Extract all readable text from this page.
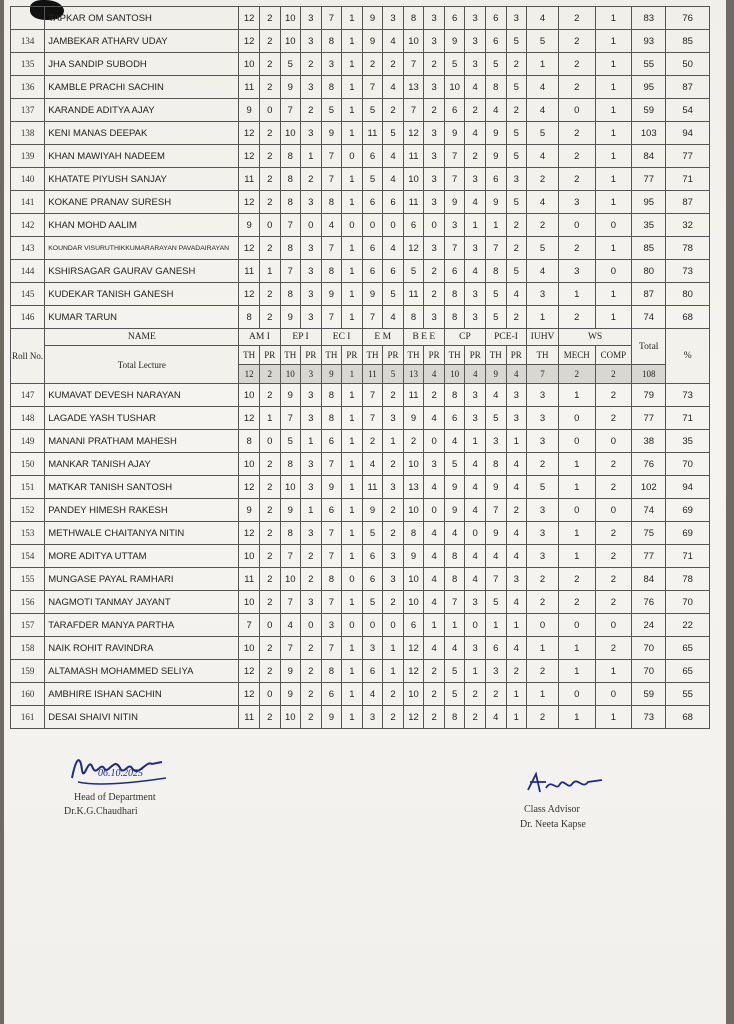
	TAPKAR OM SANTOSH	12	2	10	3	7	1	9	3	8	3	6	3	6	3	4	2	1	83	76
134	JAMBEKAR ATHARV UDAY	12	2	10	3	8	1	9	4	10	3	9	3	6	5	5	2	1	93	85
135	JHA SANDIP SUBODH	10	2	5	2	3	1	2	2	7	2	5	3	5	2	1	2	1	55	50
136	KAMBLE PRACHI SACHIN	11	2	9	3	8	1	7	4	13	3	10	4	8	5	4	2	1	95	87
137	KARANDE ADITYA AJAY	9	0	7	2	5	1	5	2	7	2	6	2	4	2	4	0	1	59	54
138	KENI MANAS DEEPAK	12	2	10	3	9	1	11	5	12	3	9	4	9	5	5	2	1	103	94
139	KHAN MAWIYAH NADEEM	12	2	8	1	7	0	6	4	11	3	7	2	9	5	4	2	1	84	77
140	KHATATE PIYUSH SANJAY	11	2	8	2	7	1	5	4	10	3	7	3	6	3	2	2	1	77	71
141	KOKANE PRANAV SURESH	12	2	8	3	8	1	6	6	11	3	9	4	9	5	4	3	1	95	87
142	KHAN MOHD AALIM	9	0	7	0	4	0	0	0	6	0	3	1	1	2	2	0	0	35	32
143	KOUNDAR VISURUTHIKKUMARARAYAN PAVADAIRAYAN	12	2	8	3	7	1	6	4	12	3	7	3	7	2	5	2	1	85	78
144	KSHIRSAGAR GAURAV GANESH	11	1	7	3	8	1	6	6	5	2	6	4	8	5	4	3	0	80	73
145	KUDEKAR TANISH GANESH	12	2	8	3	9	1	9	5	11	2	8	3	5	4	3	1	1	87	80
146	KUMAR TARUN	8	2	9	3	7	1	7	4	8	3	8	3	5	2	1	2	1	74	68
Roll No.	NAME	AM I		EP I		EC I		E M		B E E		CP		PCE-I		IUHV	WS		Total	%
	Total Lecture	TH	PR	TH	PR	TH	PR	TH	PR	TH	PR	TH	PR	TH	PR	TH	MECH	COMP		
		12	2	10	3	9	1	11	5	13	4	10	4	9	4	7	2	2	108	
147	KUMAVAT DEVESH NARAYAN	10	2	9	3	8	1	7	2	11	2	8	3	4	3	3	1	2	79	73
148	LAGADE YASH TUSHAR	12	1	7	3	8	1	7	3	9	4	6	3	5	3	3	0	2	77	71
149	MANANI PRATHAM MAHESH	8	0	5	1	6	1	2	1	2	0	4	1	3	1	3	0	0	38	35
150	MANKAR TANISH AJAY	10	2	8	3	7	1	4	2	10	3	5	4	8	4	2	1	2	76	70
151	MATKAR TANISH SANTOSH	12	2	10	3	9	1	11	3	13	4	9	4	9	4	5	1	2	102	94
152	PANDEY HIMESH RAKESH	9	2	9	1	6	1	9	2	10	0	9	4	7	2	3	0	0	74	69
153	METHWALE CHAITANYA NITIN	12	2	8	3	7	1	5	2	8	4	4	0	9	4	3	1	2	75	69
154	MORE ADITYA UTTAM	10	2	7	2	7	1	6	3	9	4	8	4	4	4	3	1	2	77	71
155	MUNGASE PAYAL RAMHARI	11	2	10	2	8	0	6	3	10	4	8	4	7	3	2	2	2	84	78
156	NAGMOTI TANMAY JAYANT	10	2	7	3	7	1	5	2	10	4	7	3	5	4	2	2	2	76	70
157	TARAFDER MANYA PARTHA	7	0	4	0	3	0	0	0	6	1	1	0	1	1	0	0	0	24	22
158	NAIK ROHIT RAVINDRA	10	2	7	2	7	1	3	1	12	4	4	3	6	4	1	1	2	70	65
159	ALTAMASH MOHAMMED SELIYA	12	2	9	2	8	1	6	1	12	2	5	1	3	2	2	1	1	70	65
160	AMBHIRE ISHAN SACHIN	12	0	9	2	6	1	4	2	10	2	5	2	2	1	1	0	0	59	55
161	DESAI SHAIVI NITIN	11	2	10	2	9	1	3	2	12	2	8	2	4	1	2	1	1	73	68
06.10.2025
Head of Department
Dr.K.G.Chaudhari	Class Advisor
Dr. Neeta Kapse
